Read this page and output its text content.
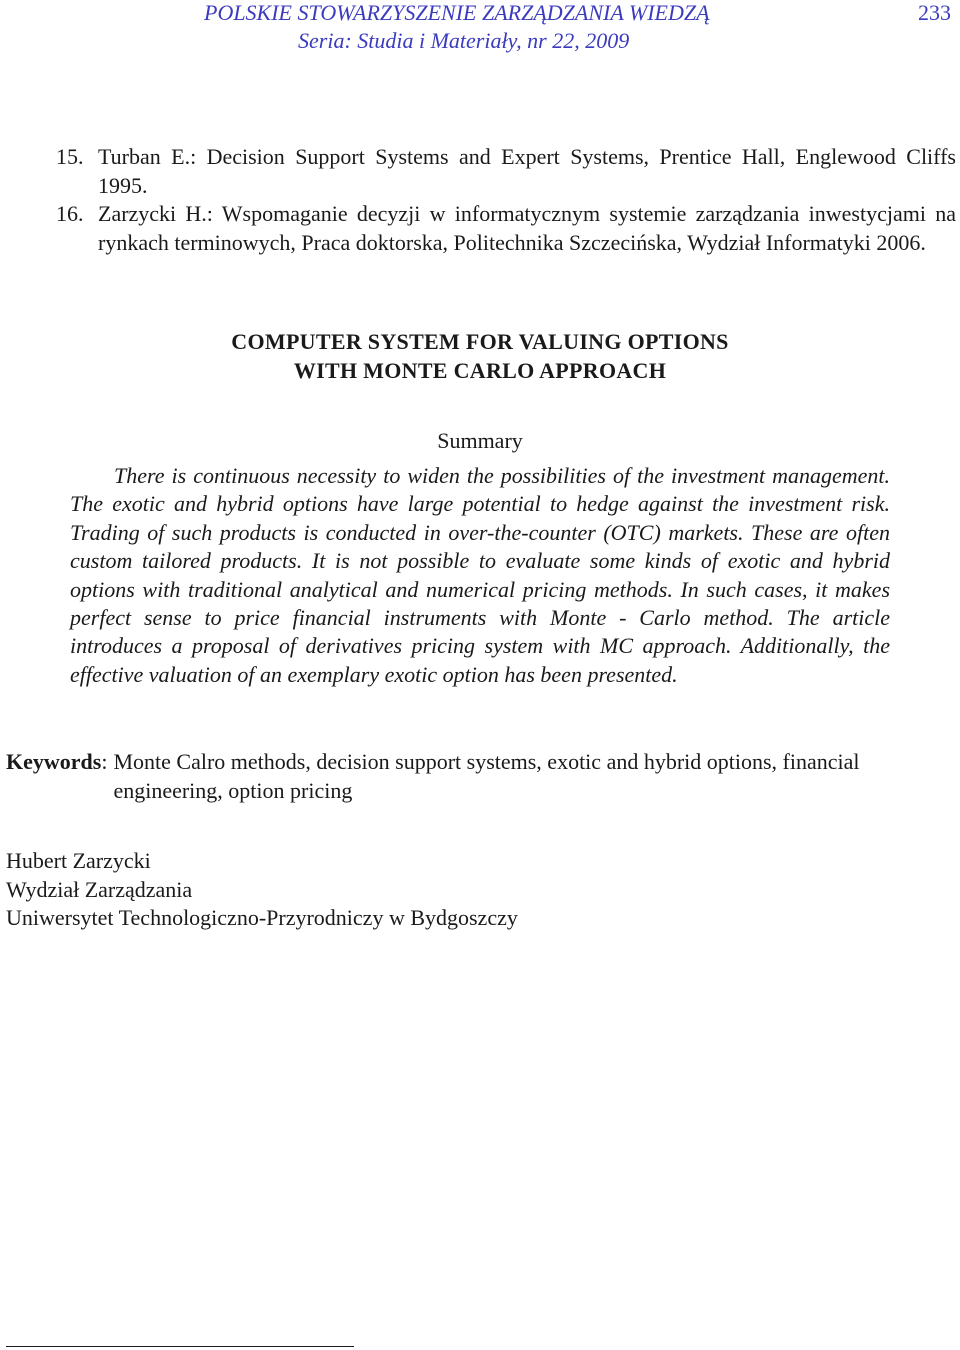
POLSKIE STOWARZYSZENIE ZARZĄDZANIA WIEDZĄ
Seria: Studia i Materiały, nr 22, 2009
233
15. Turban E.: Decision Support Systems and Expert Systems, Prentice Hall, Englewood Cliffs 1995.
16. Zarzycki H.: Wspomaganie decyzji w informatycznym systemie zarządzania inwestycjami na rynkach terminowych, Praca doktorska, Politechnika Szczecińska, Wydział Informatyki 2006.
COMPUTER SYSTEM FOR VALUING OPTIONS
WITH MONTE CARLO APPROACH
Summary
There is continuous necessity to widen the possibilities of the investment management. The exotic and hybrid options have large potential to hedge against the investment risk. Trading of such products is conducted in over-the-counter (OTC) markets. These are often custom tailored products. It is not possible to evaluate some kinds of exotic and hybrid options with traditional analytical and numerical pricing methods. In such cases, it makes perfect sense to price financial instruments with Monte - Carlo method. The article introduces a proposal of derivatives pricing system with MC approach. Additionally, the effective valuation of an exemplary exotic option has been presented.
Keywords : Monte Calro methods, decision support systems, exotic and hybrid options, financial engineering, option pricing
Hubert Zarzycki
Wydział Zarządzania
Uniwersytet Technologiczno-Przyrodniczy w Bydgoszczy
